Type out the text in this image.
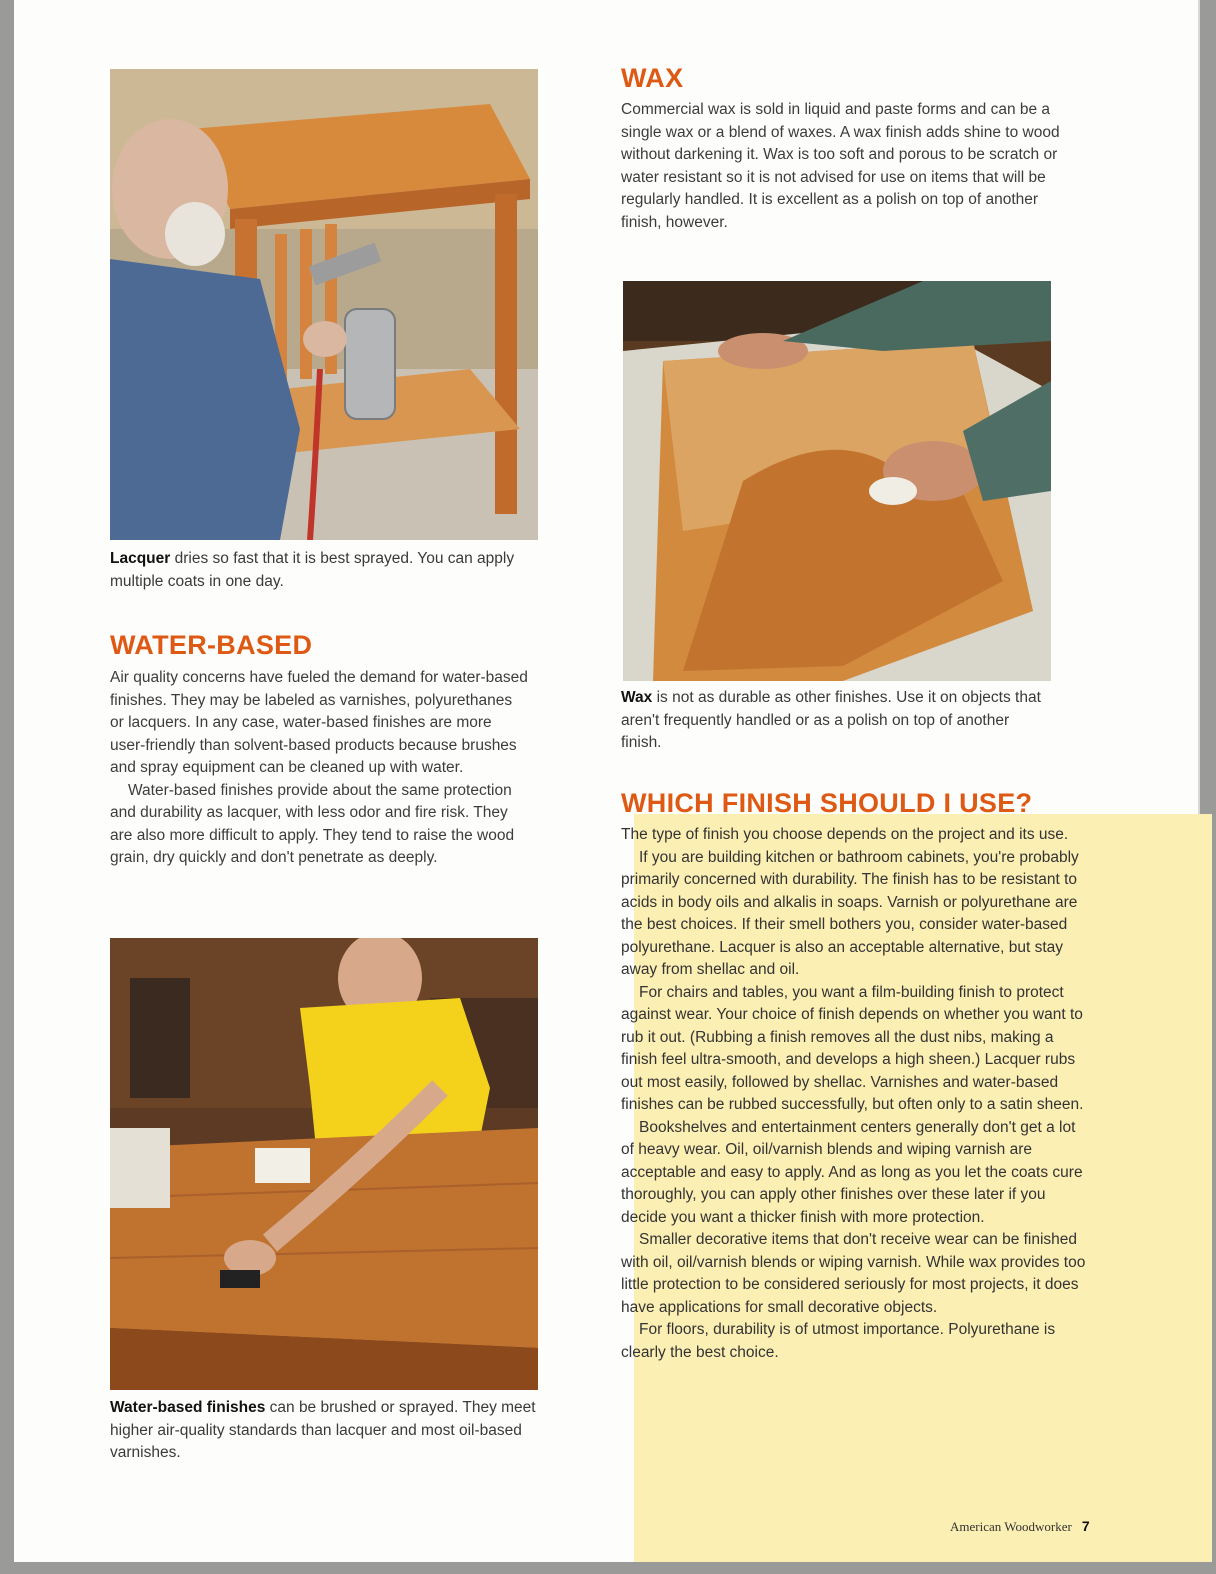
Lacquer dries so fast that it is best sprayed. You can apply multiple coats in one day.

WATER-BASED

Air quality concerns have fueled the demand for water-based finishes. They may be labeled as varnishes, polyurethanes or lacquers. In any case, water-based finishes are more user-friendly than solvent-based products because brushes and spray equipment can be cleaned up with water.

Water-based finishes provide about the same protection and durability as lacquer, with less odor and fire risk. They are also more difficult to apply. They tend to raise the wood grain, dry quickly and don't penetrate as deeply.

Water-based finishes can be brushed or sprayed. They meet higher air-quality standards than lacquer and most oil-based varnishes.

WAX

Commercial wax is sold in liquid and paste forms and can be a single wax or a blend of waxes. A wax finish adds shine to wood without darkening it. Wax is too soft and porous to be scratch or water resistant so it is not advised for use on items that will be regularly handled. It is excellent as a polish on top of another finish, however.

Wax is not as durable as other finishes. Use it on objects that aren't frequently handled or as a polish on top of another finish.

WHICH FINISH SHOULD I USE?

The type of finish you choose depends on the project and its use.

If you are building kitchen or bathroom cabinets, you're probably primarily concerned with durability. The finish has to be resistant to acids in body oils and alkalis in soaps. Varnish or polyurethane are the best choices. If their smell bothers you, consider water-based polyurethane. Lacquer is also an acceptable alternative, but stay away from shellac and oil.

For chairs and tables, you want a film-building finish to protect against wear. Your choice of finish depends on whether you want to rub it out. (Rubbing a finish removes all the dust nibs, making a finish feel ultra-smooth, and develops a high sheen.) Lacquer rubs out most easily, followed by shellac. Varnishes and water-based finishes can be rubbed successfully, but often only to a satin sheen.

Bookshelves and entertainment centers generally don't get a lot of heavy wear. Oil, oil/varnish blends and wiping varnish are acceptable and easy to apply. And as long as you let the coats cure thoroughly, you can apply other finishes over these later if you decide you want a thicker finish with more protection.

Smaller decorative items that don't receive wear can be finished with oil, oil/varnish blends or wiping varnish. While wax provides too little protection to be considered seriously for most projects, it does have applications for small decorative objects.

For floors, durability is of utmost importance. Polyurethane is clearly the best choice.

American Woodworker 7
